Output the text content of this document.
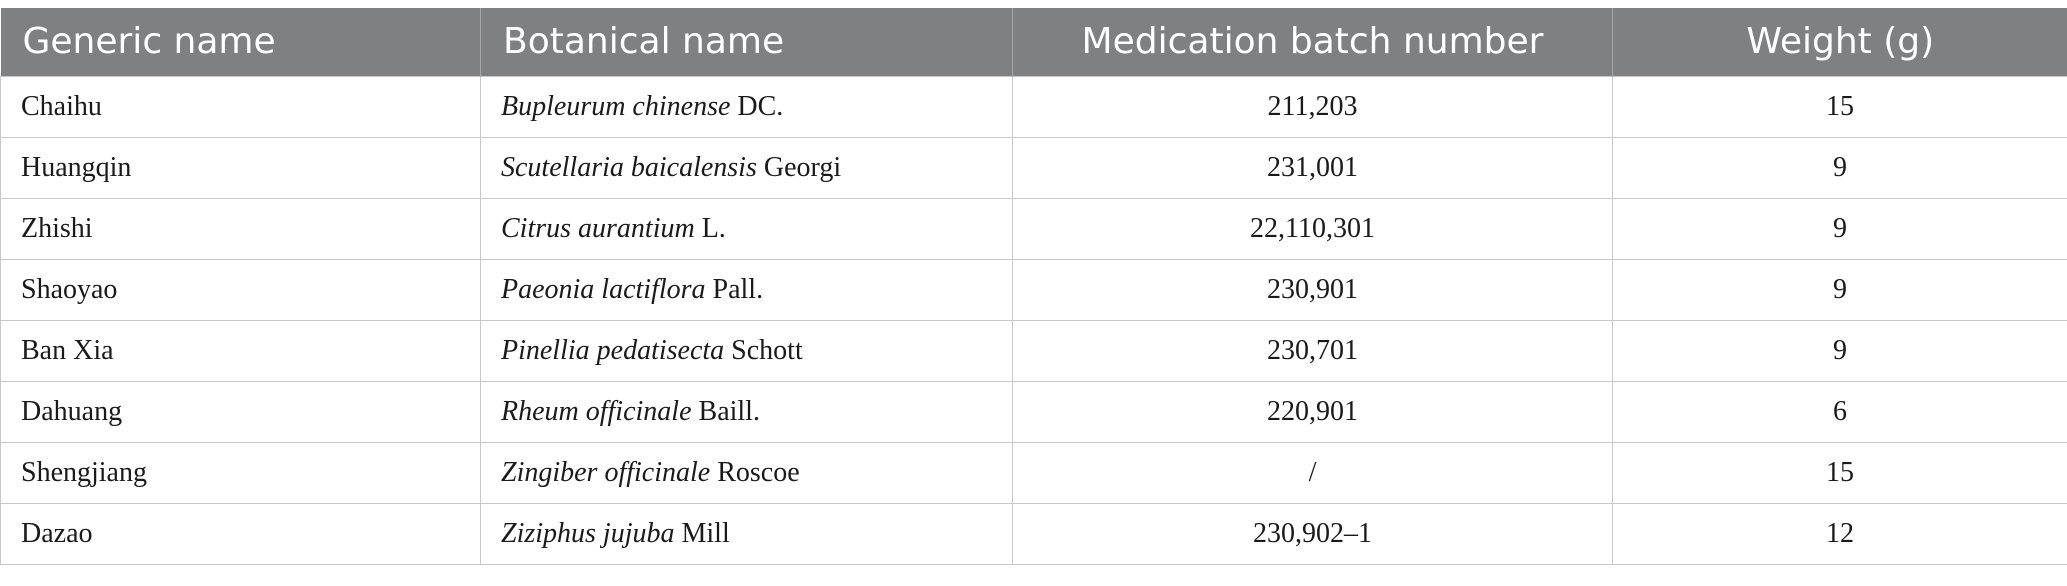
Generic name	Botanical name	Medication batch number	Weight (g)
Chaihu	Bupleurum chinense DC.	211,203	15
Huangqin	Scutellaria baicalensis Georgi	231,001	9
Zhishi	Citrus aurantium L.	22,110,301	9
Shaoyao	Paeonia lactiflora Pall.	230,901	9
Ban Xia	Pinellia pedatisecta Schott	230,701	9
Dahuang	Rheum officinale Baill.	220,901	6
Shengjiang	Zingiber officinale Roscoe	/	15
Dazao	Ziziphus jujuba Mill	230,902–1	12
